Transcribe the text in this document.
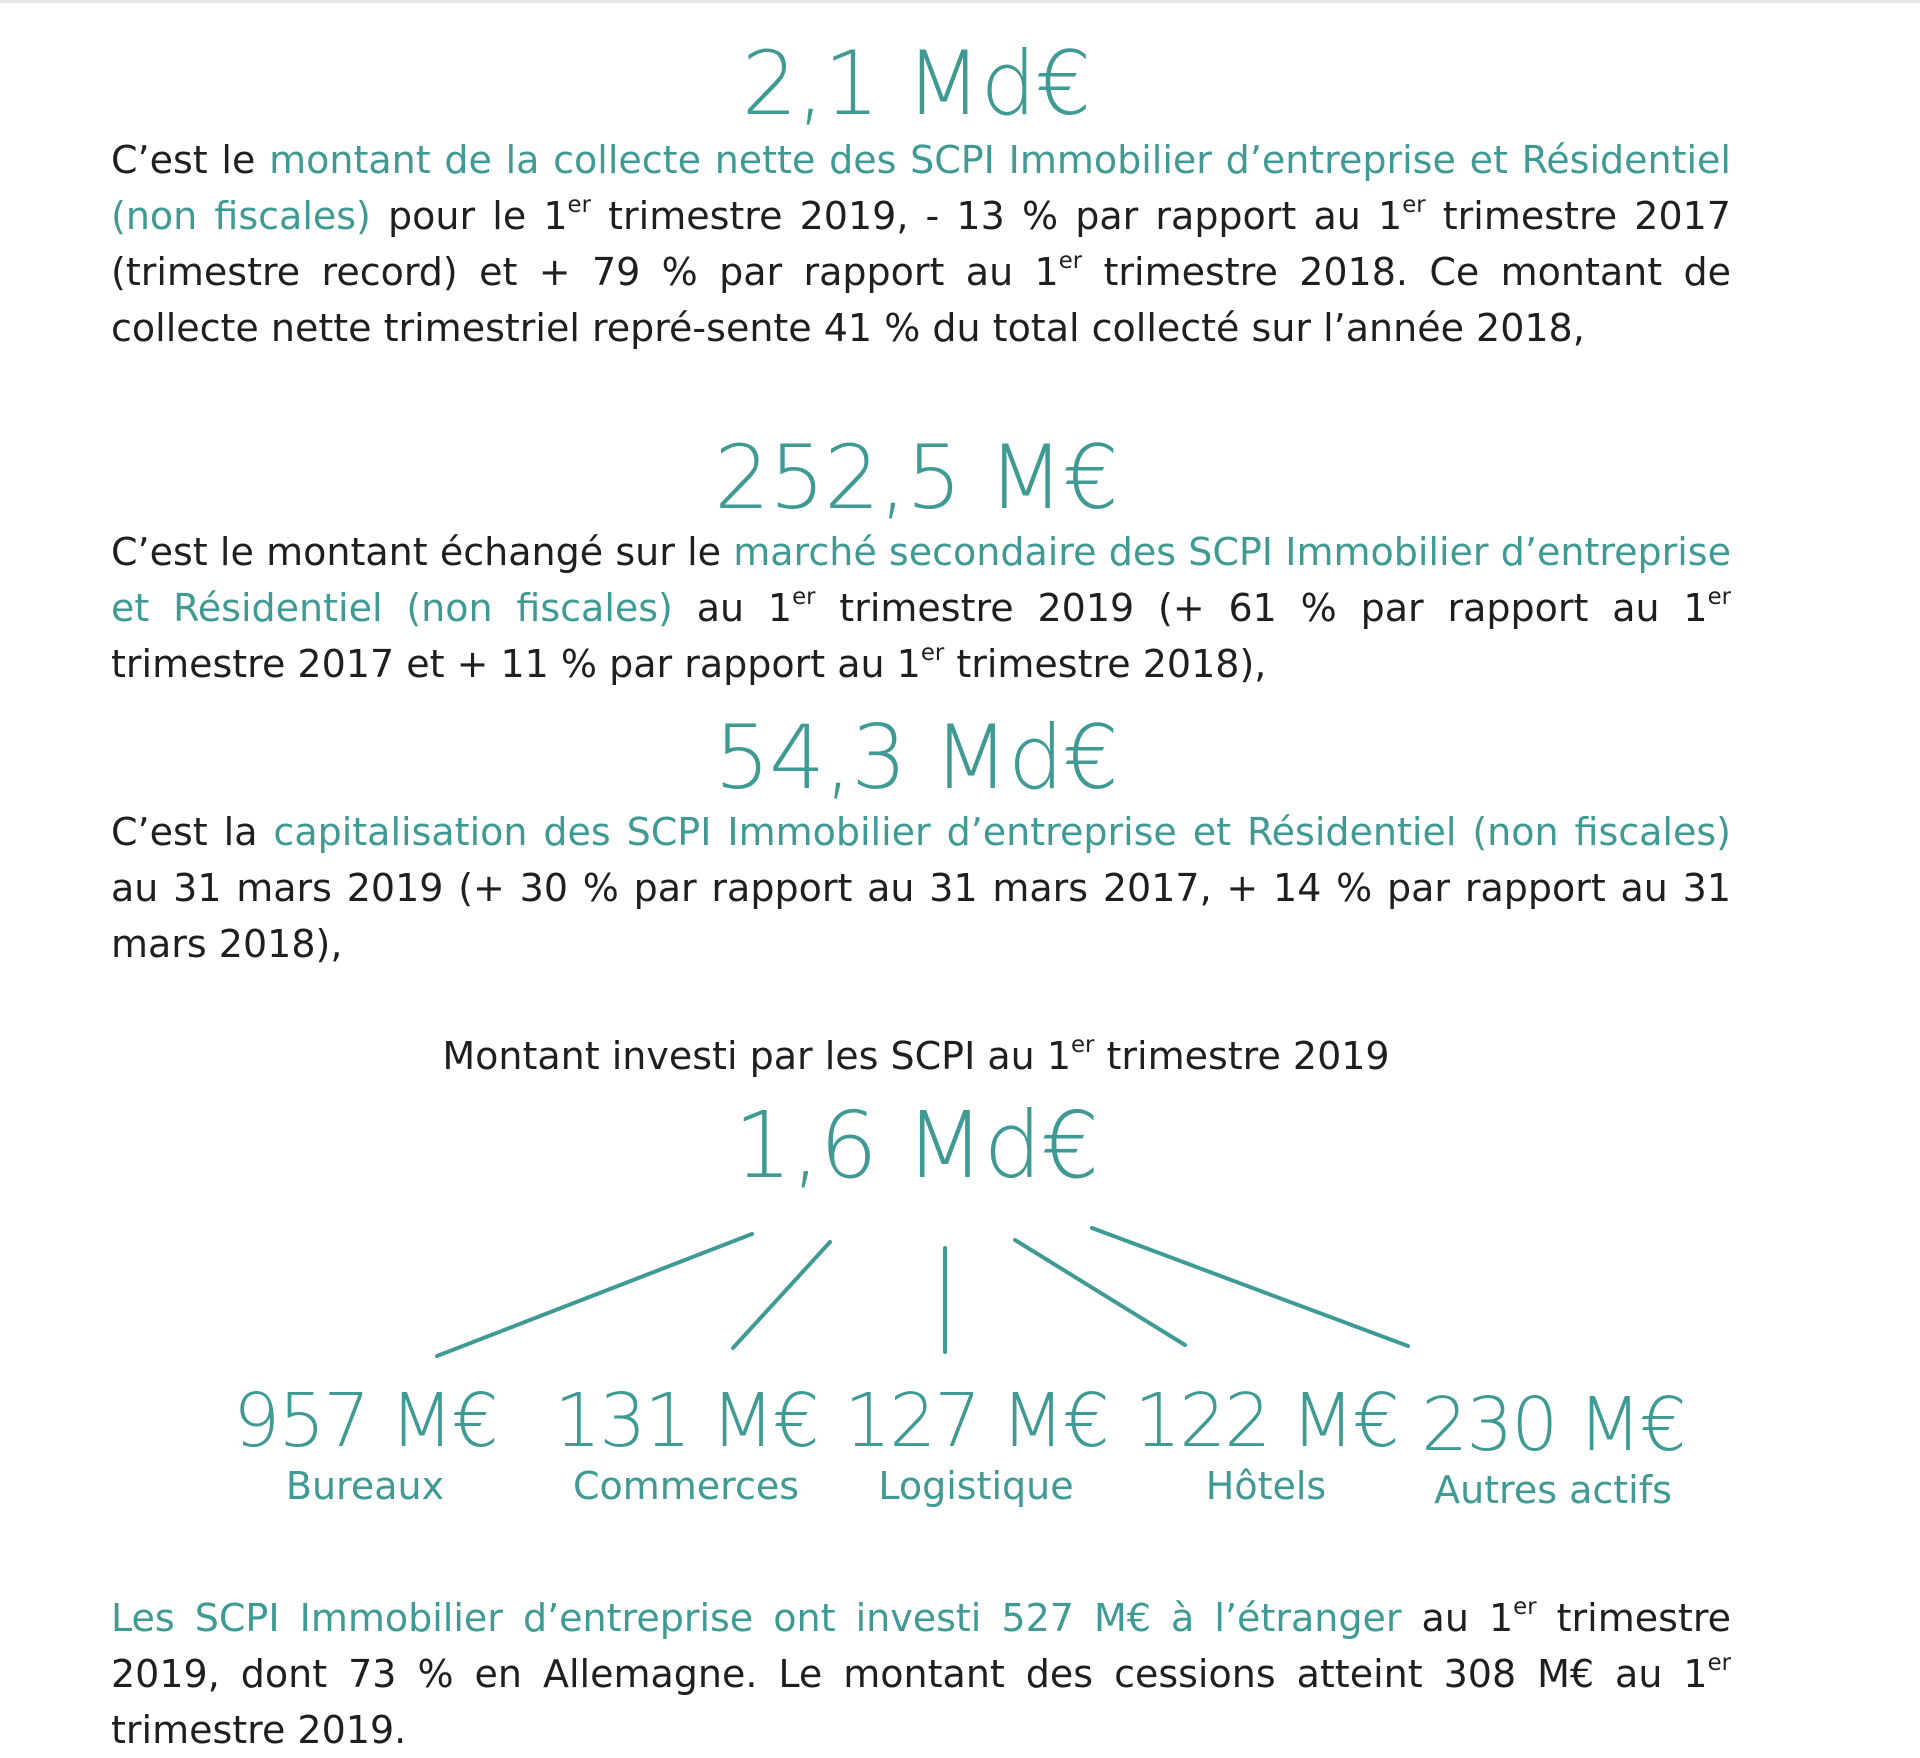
2,1 Md€
C’est le montant de la collecte nette des SCPI Immobilier d’entreprise et Résidentiel (non fiscales) pour le 1er trimestre 2019, - 13 % par rapport au 1er trimestre 2017 (trimestre record) et + 79 % par rapport au 1er trimestre 2018. Ce montant de collecte nette trimestriel repré-sente 41 % du total collecté sur l’année 2018,
252,5 M€
C’est le montant échangé sur le marché secondaire des SCPI Immobilier d’entreprise et Résidentiel (non fiscales) au 1er trimestre 2019 (+ 61 % par rapport au 1er trimestre 2017 et + 11 % par rapport au 1er trimestre 2018),
54,3 Md€
C’est la capitalisation des SCPI Immobilier d’entreprise et Résidentiel (non fiscales) au 31 mars 2019 (+ 30 % par rapport au 31 mars 2017, + 14 % par rapport au 31 mars 2018),
Montant investi par les SCPI au 1er trimestre 2019
1,6 Md€
957 M€
Bureaux
131 M€
Commerces
127 M€
Logistique
122 M€
Hôtels
230 M€
Autres actifs
Les SCPI Immobilier d’entreprise ont investi 527 M€ à l’étranger au 1er trimestre 2019, dont 73 % en Allemagne. Le montant des cessions atteint 308 M€ au 1er trimestre 2019.
